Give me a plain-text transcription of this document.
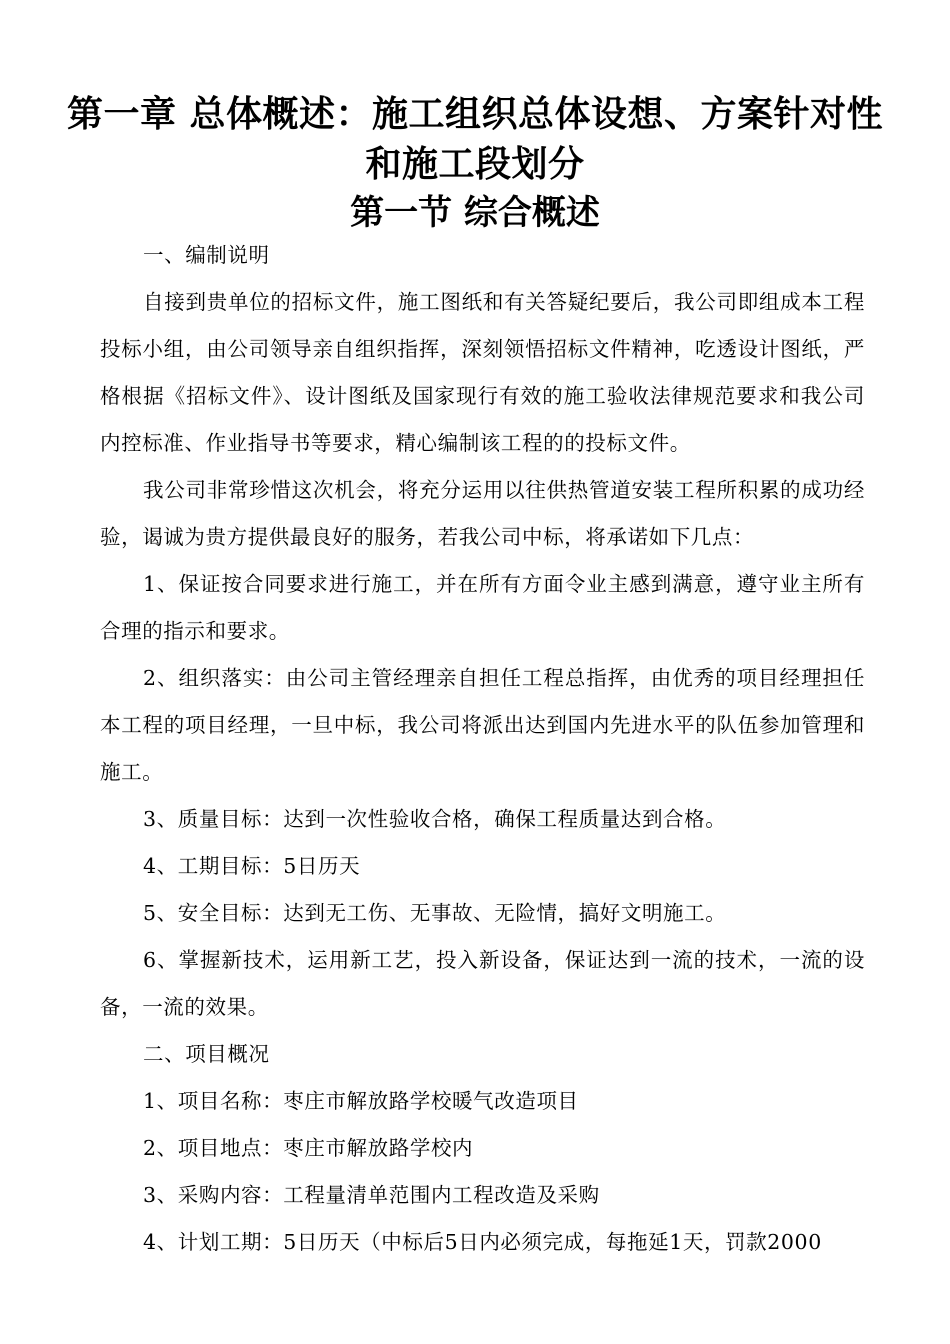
第一章 总体概述：施工组织总体设想、方案针对性和施工段划分
第一节 综合概述

一、编制说明

自接到贵单位的招标文件，施工图纸和有关答疑纪要后，我公司即组成本工程投标小组，由公司领导亲自组织指挥，深刻领悟招标文件精神，吃透设计图纸，严格根据《招标文件》、设计图纸及国家现行有效的施工验收法律规范要求和我公司内控标准、作业指导书等要求，精心编制该工程的的投标文件。

我公司非常珍惜这次机会，将充分运用以往供热管道安装工程所积累的成功经验，谒诚为贵方提供最良好的服务，若我公司中标，将承诺如下几点：

1、保证按合同要求进行施工，并在所有方面令业主感到满意，遵守业主所有合理的指示和要求。

2、组织落实：由公司主管经理亲自担任工程总指挥，由优秀的项目经理担任本工程的项目经理，一旦中标，我公司将派出达到国内先进水平的队伍参加管理和施工。

3、质量目标：达到一次性验收合格，确保工程质量达到合格。

4、工期目标：5日历天

5、安全目标：达到无工伤、无事故、无险情，搞好文明施工。

6、掌握新技术，运用新工艺，投入新设备，保证达到一流的技术，一流的设备，一流的效果。

二、项目概况

1、项目名称：枣庄市解放路学校暖气改造项目

2、项目地点：枣庄市解放路学校内

3、采购内容：工程量清单范围内工程改造及采购

4、计划工期：5日历天（中标后5日内必须完成，每拖延1天，罚款2000
